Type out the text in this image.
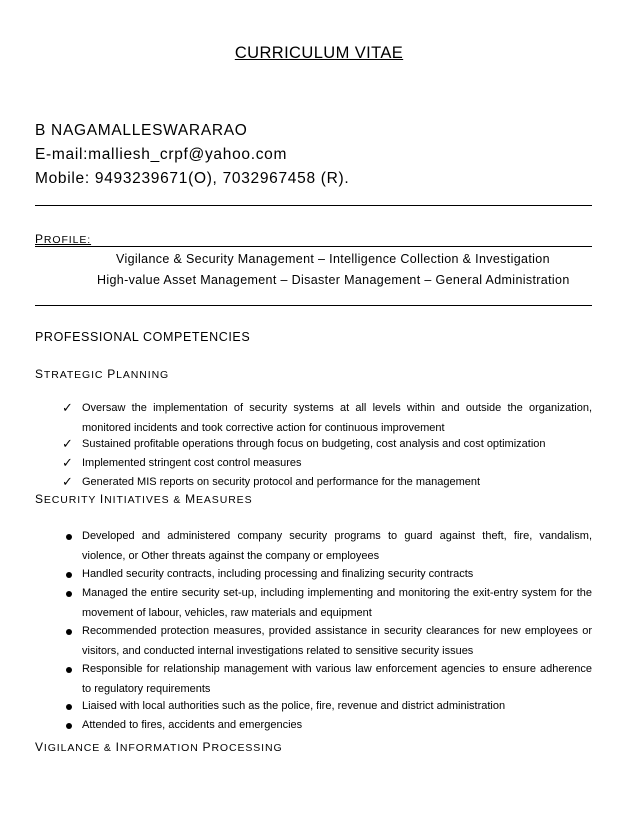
CURRICULUM VITAE
B NAGAMALLESWARARAO
E-mail:malliesh_crpf@yahoo.com
Mobile: 9493239671(O), 7032967458 (R).
PROFILE:
Vigilance & Security Management – Intelligence Collection & Investigation
High-value Asset Management – Disaster Management – General Administration
PROFESSIONAL COMPETENCIES
STRATEGIC PLANNING
✓ Oversaw the implementation of security systems at all levels within and outside the organization, monitored incidents and took corrective action for continuous improvement
✓ Sustained profitable operations through focus on budgeting, cost analysis and cost optimization
✓ Implemented stringent cost control measures
✓ Generated MIS reports on security protocol and performance for the management
SECURITY INITIATIVES & MEASURES
Developed and administered company security programs to guard against theft, fire, vandalism, violence, or Other threats against the company or employees
Handled security contracts, including processing and finalizing security contracts
Managed the entire security set-up, including implementing and monitoring the exit-entry system for the movement of labour, vehicles, raw materials and equipment
Recommended protection measures, provided assistance in security clearances for new employees or visitors, and conducted internal investigations related to sensitive security issues
Responsible for relationship management with various law enforcement agencies to ensure adherence to regulatory requirements
Liaised with local authorities such as the police, fire, revenue and district administration
Attended to fires, accidents and emergencies
VIGILANCE & INFORMATION PROCESSING
